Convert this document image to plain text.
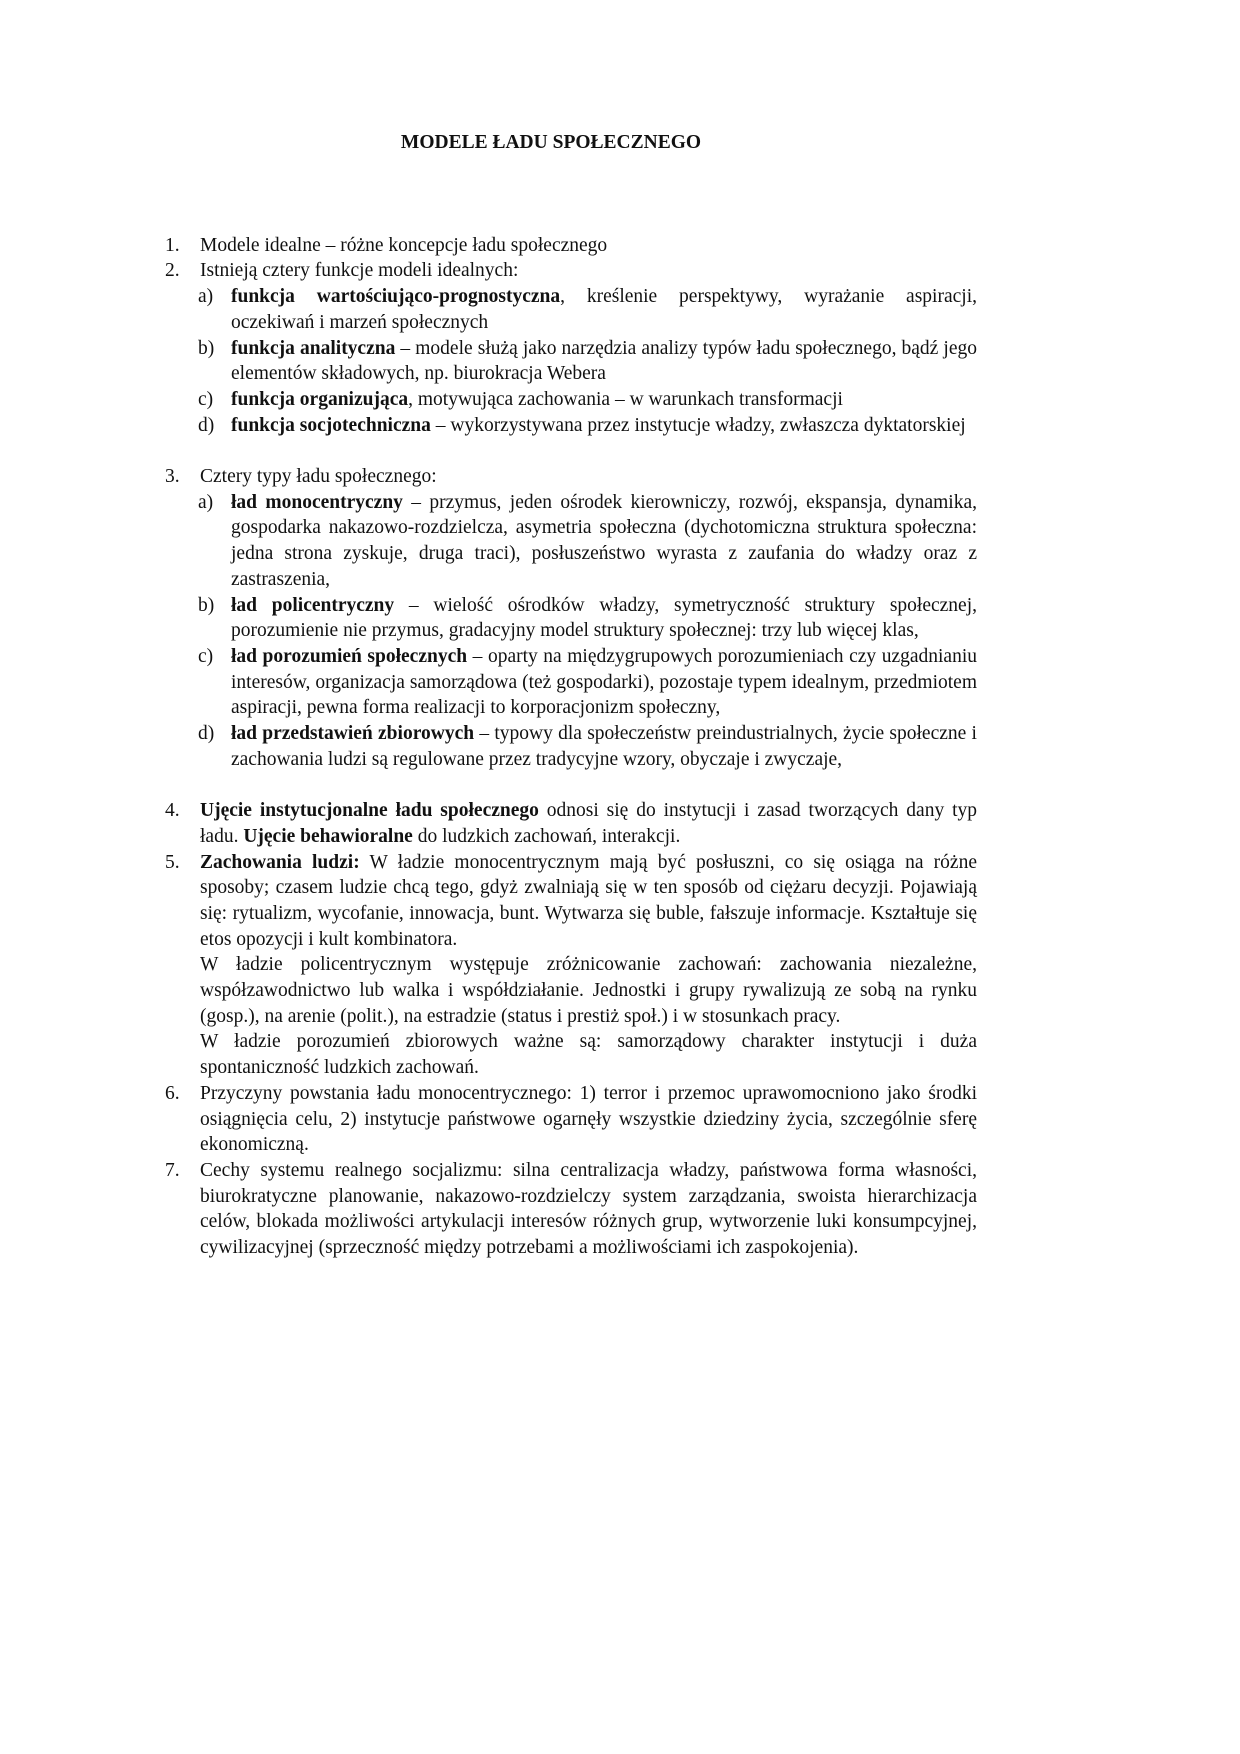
MODELE ŁADU SPOŁECZNEGO
1. Modele idealne – różne koncepcje ładu społecznego
2. Istnieją cztery funkcje modeli idealnych:
a) funkcja wartościująco-prognostyczna, kreślenie perspektywy, wyrażanie aspiracji, oczekiwań i marzeń społecznych
b) funkcja analityczna – modele służą jako narzędzia analizy typów ładu społecznego, bądź jego elementów składowych, np. biurokracja Webera
c) funkcja organizująca, motywująca zachowania – w warunkach transformacji
d) funkcja socjotechniczna – wykorzystywana przez instytucje władzy, zwłaszcza dyktatorskiej
3. Cztery typy ładu społecznego:
a) ład monocentryczny – przymus, jeden ośrodek kierowniczy, rozwój, ekspansja, dynamika, gospodarka nakazowo-rozdzielcza, asymetria społeczna (dychotomiczna struktura społeczna: jedna strona zyskuje, druga traci), posłuszeństwo wyrasta z zaufania do władzy oraz z zastraszenia,
b) ład policentryczny – wielość ośrodków władzy, symetryczność struktury społecznej, porozumienie nie przymus, gradacyjny model struktury społecznej: trzy lub więcej klas,
c) ład porozumień społecznych – oparty na międzygrupowych porozumieniach czy uzgadnianiu interesów, organizacja samorządowa (też gospodarki), pozostaje typem idealnym, przedmiotem aspiracji, pewna forma realizacji to korporacjonizm społeczny,
d) ład przedstawień zbiorowych – typowy dla społeczeństw preindustrialnych, życie społeczne i zachowania ludzi są regulowane przez tradycyjne wzory, obyczaje i zwyczaje,
4. Ujęcie instytucjonalne ładu społecznego odnosi się do instytucji i zasad tworzących dany typ ładu. Ujęcie behawioralne do ludzkich zachowań, interakcji.
5. Zachowania ludzi: W ładzie monocentrycznym mają być posłuszni, co się osiąga na różne sposoby; czasem ludzie chcą tego, gdyż zwalniają się w ten sposób od ciężaru decyzji. Pojawiają się: rytualizm, wycofanie, innowacja, bunt. Wytwarza się buble, fałszuje informacje. Kształtuje się etos opozycji i kult kombinatora.
W ładzie policentrycznym występuje zróżnicowanie zachowań: zachowania niezależne, współzawodnictwo lub walka i współdziałanie. Jednostki i grupy rywalizują ze sobą na rynku (gosp.), na arenie (polit.), na estradzie (status i prestiż społ.) i w stosunkach pracy.
W ładzie porozumień zbiorowych ważne są: samorządowy charakter instytucji i duża spontaniczność ludzkich zachowań.
6. Przyczyny powstania ładu monocentrycznego: 1) terror i przemoc uprawomocniono jako środki osiągnięcia celu, 2) instytucje państwowe ogarnęły wszystkie dziedziny życia, szczególnie sferę ekonomiczną.
7. Cechy systemu realnego socjalizmu: silna centralizacja władzy, państwowa forma własności, biurokratyczne planowanie, nakazowo-rozdzielczy system zarządzania, swoista hierarchizacja celów, blokada możliwości artykulacji interesów różnych grup, wytworzenie luki konsumpcyjnej, cywilizacyjnej (sprzeczność między potrzebami a możliwościami ich zaspokojenia).
